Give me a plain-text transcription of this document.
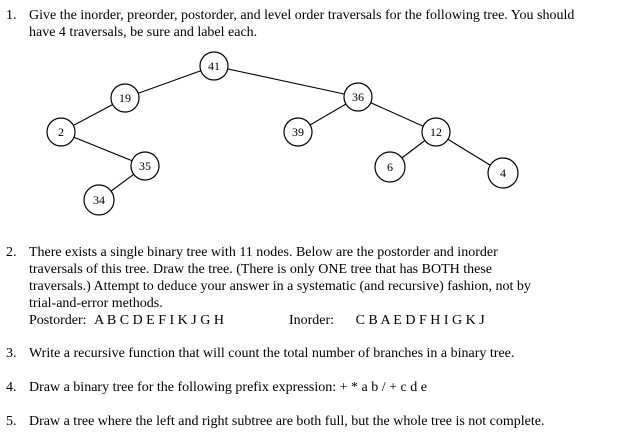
1. Give the inorder, preorder, postorder, and level order traversals for the following tree. You should
have 4 traversals, be sure and label each.
41
19	36
2	39	12
35	6	4
34
2. There exists a single binary tree with 11 nodes. Below are the postorder and inorder
traversals of this tree. Draw the tree. (There is only ONE tree that has BOTH these
traversals.) Attempt to deduce your answer in a systematic (and recursive) fashion, not by
trial-and-error methods.
Postorder: A B C D E F I K J G H	Inorder: C B A E D F H I G K J
3. Write a recursive function that will count the total number of branches in a binary tree.
4. Draw a binary tree for the following prefix expression: + * a b / + c d e
5. Draw a tree where the left and right subtree are both full, but the whole tree is not complete.
